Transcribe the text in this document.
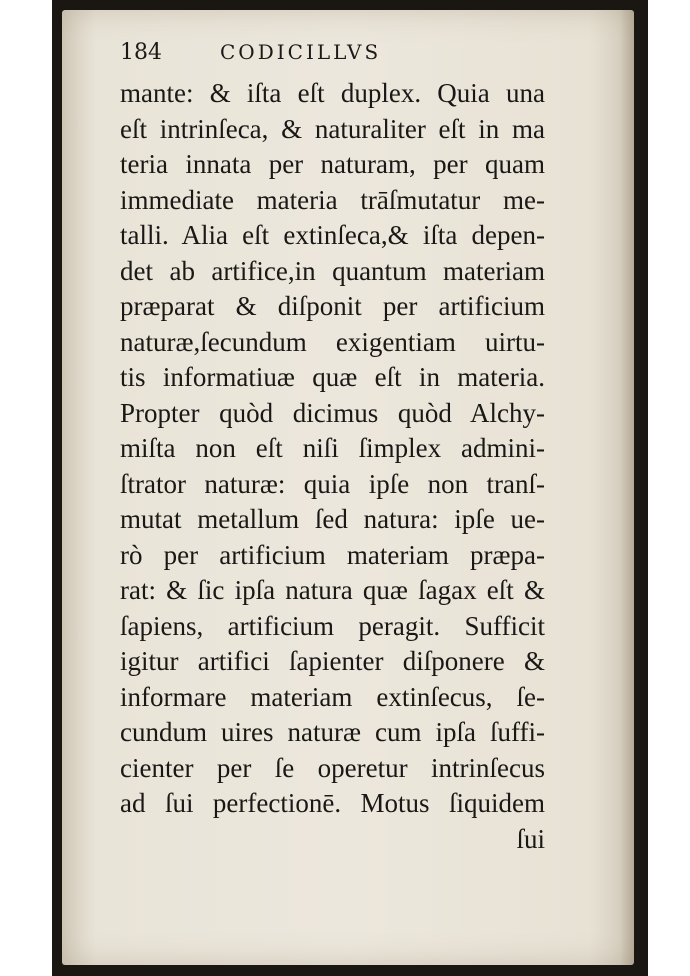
184	CODICILLVS
mante: & iſta eſt duplex. Quia una
eſt intrinſeca, & naturaliter eſt in ma
teria innata per naturam, per quam
immediate materia trāſmutatur me-
talli. Alia eſt extinſeca,& iſta depen-
det ab artifice,in quantum materiam
præparat & diſponit per artificium
naturæ,ſecundum exigentiam uirtu-
tis informatiuæ quæ eſt in materia.
Propter quòd dicimus quòd Alchy-
miſta non eſt niſi ſimplex admini-
ſtrator naturæ: quia ipſe non tranſ-
mutat metallum ſed natura: ipſe ue-
rò per artificium materiam præpa-
rat: & ſic ipſa natura quæ ſagax eſt &
ſapiens, artificium peragit. Sufficit
igitur artifici ſapienter diſponere &
informare materiam extinſecus, ſe-
cundum uires naturæ cum ipſa ſuffi-
cienter per ſe operetur intrinſecus
ad ſui perfectionē. Motus ſiquidem
ſui
